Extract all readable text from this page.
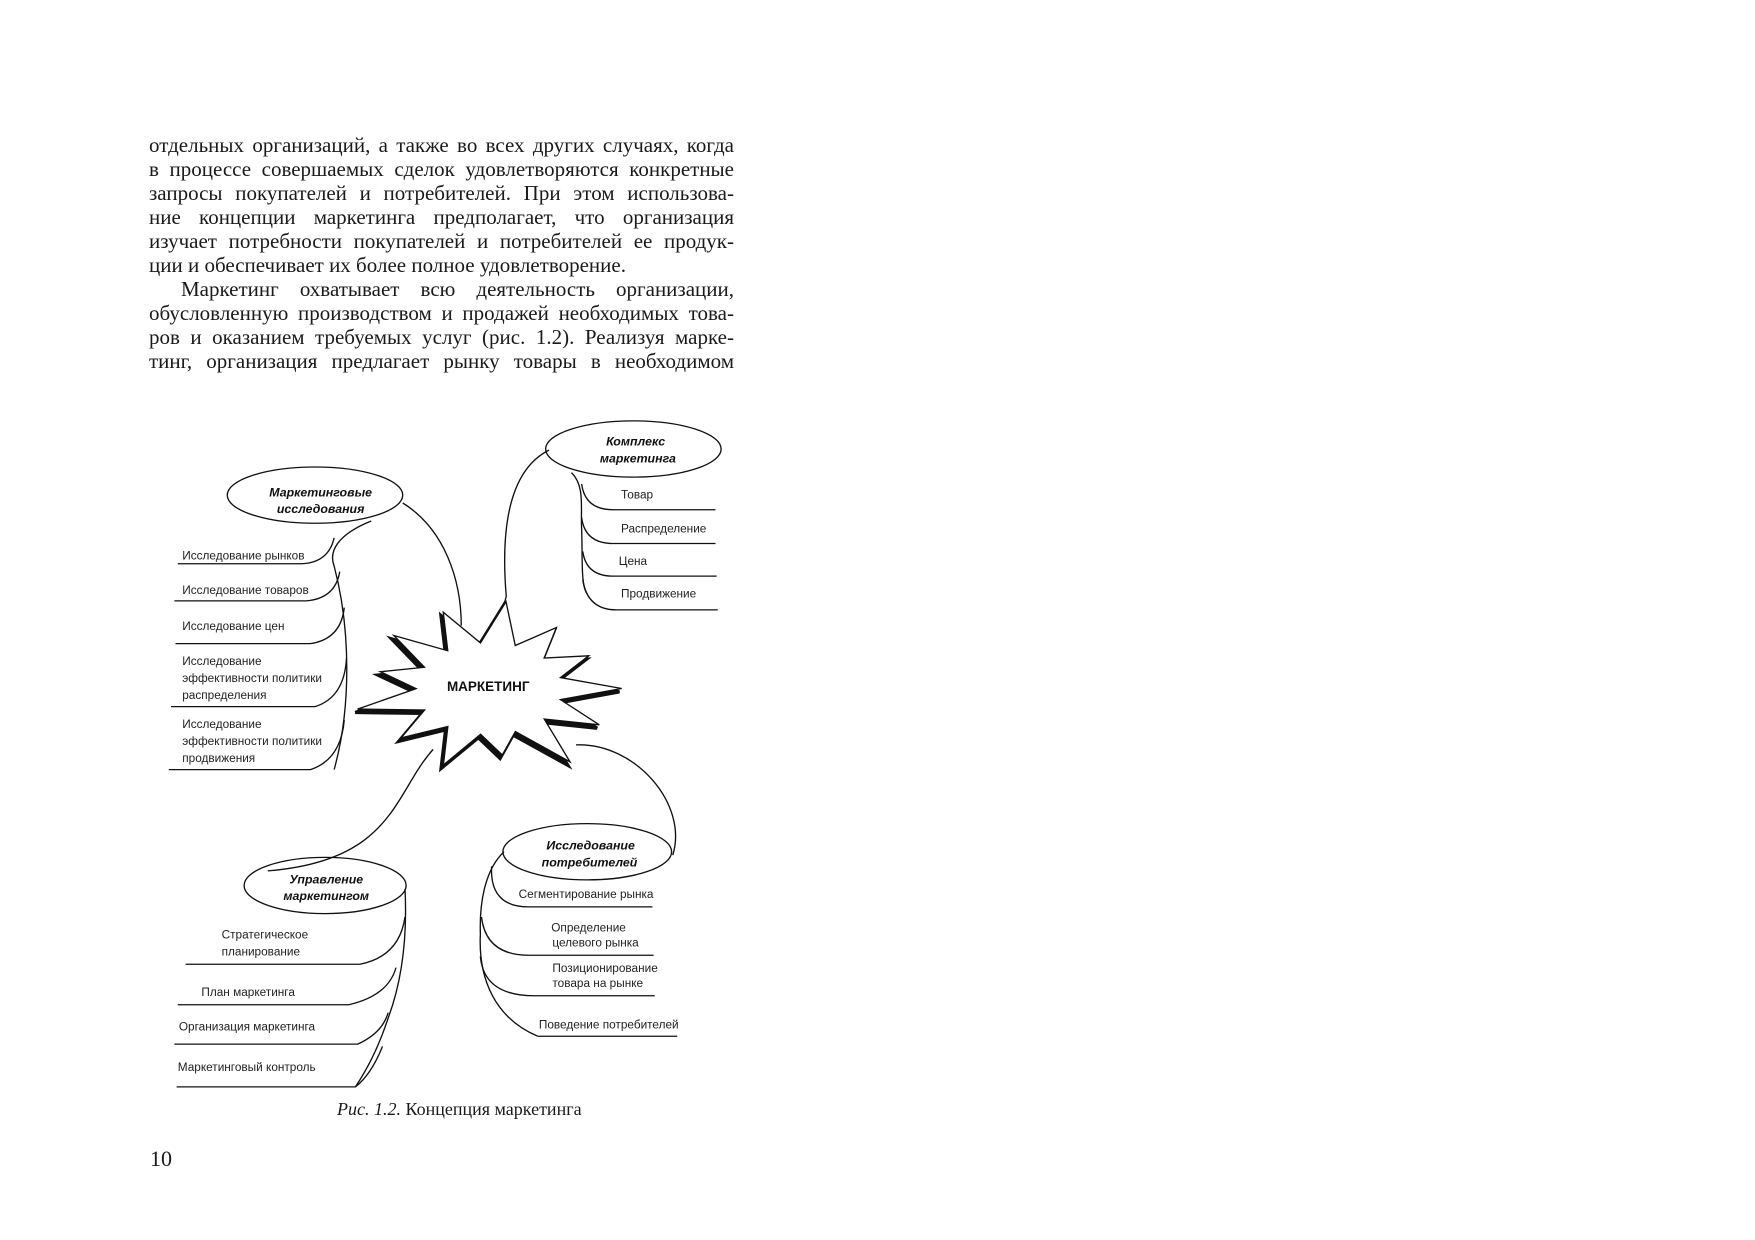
отдельных организаций, а также во всех других случаях, когда
в процессе совершаемых сделок удовлетворяются конкретные
запросы покупателей и потребителей. При этом использова-
ние концепции маркетинга предполагает, что организация
изучает потребности покупателей и потребителей ее продук-
ции и обеспечивает их более полное удовлетворение.
Маркетинг охватывает всю деятельность организации,
обусловленную производством и продажей необходимых това-
ров и оказанием требуемых услуг (рис. 1.2). Реализуя марке-
тинг, организация предлагает рынку товары в необходимом
МАРКЕТИНГ
Исследование рынков
Исследование товаров
Исследование цен
Исследование эффективности политики распределения
Исследование эффективности политики продвижения
Маркетинговые исследования
Товар
Распределение
Цена
Продвижение
Комплекс маркетинга
Сегментирование рынка
Определение целевого рынка
Позиционирование товара на рынке
Поведение потребителей
Исследование потребителей
Стратегическое планирование
План маркетинга
Организация маркетинга
Маркетинговый контроль
Управление маркетингом
Рис. 1.2. Концепция маркетинга
10
